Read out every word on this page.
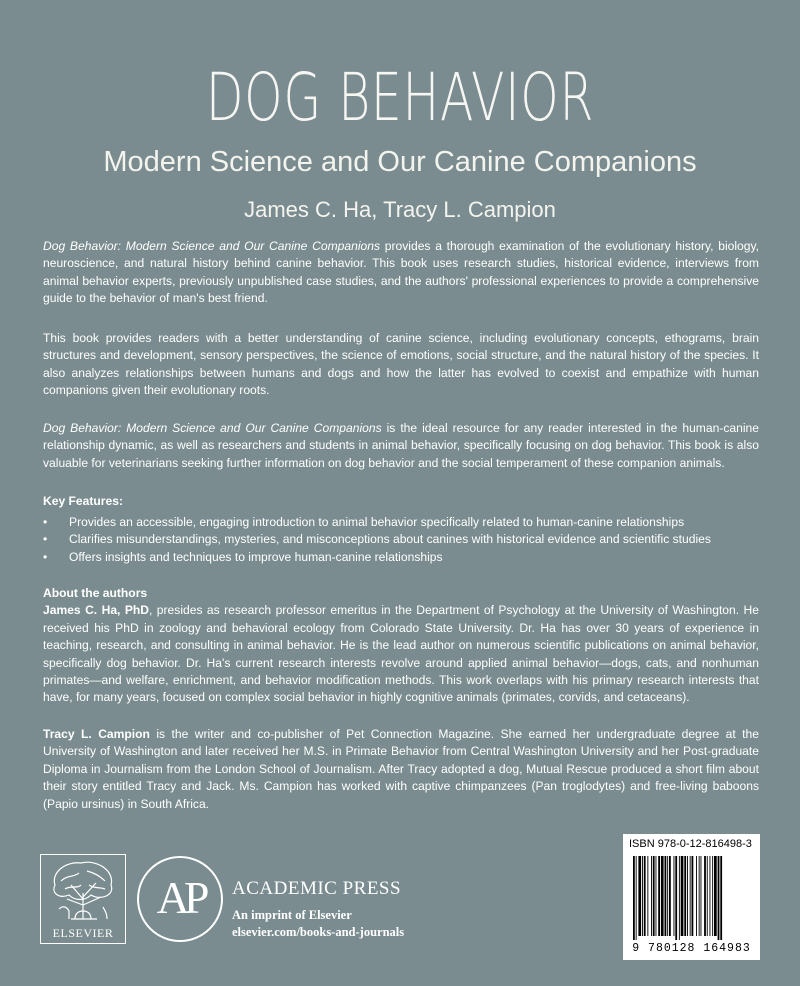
DOG BEHAVIOR
Modern Science and Our Canine Companions
James C. Ha, Tracy L. Campion

Dog Behavior: Modern Science and Our Canine Companions provides a thorough examination of the evolutionary history, biology, neuroscience, and natural history behind canine behavior. This book uses research studies, historical evidence, interviews from animal behavior experts, previously unpublished case studies, and the authors' professional experiences to provide a comprehensive guide to the behavior of man's best friend.

This book provides readers with a better understanding of canine science, including evolutionary concepts, ethograms, brain structures and development, sensory perspectives, the science of emotions, social structure, and the natural history of the species. It also analyzes relationships between humans and dogs and how the latter has evolved to coexist and empathize with human companions given their evolutionary roots.

Dog Behavior: Modern Science and Our Canine Companions is the ideal resource for any reader interested in the human-canine relationship dynamic, as well as researchers and students in animal behavior, specifically focusing on dog behavior. This book is also valuable for veterinarians seeking further information on dog behavior and the social temperament of these companion animals.

Key Features:
• Provides an accessible, engaging introduction to animal behavior specifically related to human-canine relationships
• Clarifies misunderstandings, mysteries, and misconceptions about canines with historical evidence and scientific studies
• Offers insights and techniques to improve human-canine relationships
About the authors

James C. Ha, PhD, presides as research professor emeritus in the Department of Psychology at the University of Washington. He received his PhD in zoology and behavioral ecology from Colorado State University. Dr. Ha has over 30 years of experience in teaching, research, and consulting in animal behavior. He is the lead author on numerous scientific publications on animal behavior, specifically dog behavior. Dr. Ha's current research interests revolve around applied animal behavior—dogs, cats, and nonhuman primates—and welfare, enrichment, and behavior modification methods. This work overlaps with his primary research interests that have, for many years, focused on complex social behavior in highly cognitive animals (primates, corvids, and cetaceans).

Tracy L. Campion is the writer and co-publisher of Pet Connection Magazine. She earned her undergraduate degree at the University of Washington and later received her M.S. in Primate Behavior from Central Washington University and her Post-graduate Diploma in Journalism from the London School of Journalism. After Tracy adopted a dog, Mutual Rescue produced a short film about their story entitled Tracy and Jack. Ms. Campion has worked with captive chimpanzees (Pan troglodytes) and free-living baboons (Papio ursinus) in South Africa.

ELSEVIER
AP	ACADEMIC PRESS
An imprint of Elsevier
elsevier.com/books-and-journals
ISBN 978-0-12-816498-3
9 780128 164983
